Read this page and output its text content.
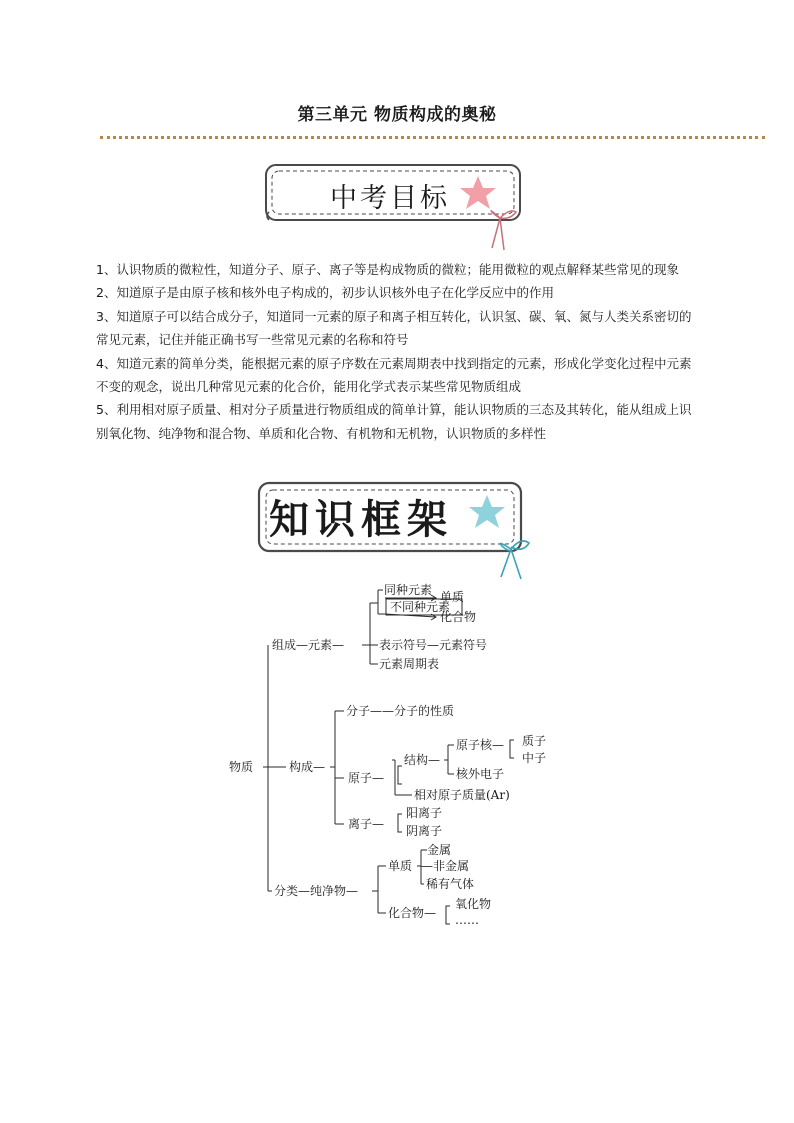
第三单元 物质构成的奥秘
中考目标

1、认识物质的微粒性，知道分子、原子、离子等是构成物质的微粒；能用微粒的观点解释某些常见的现象

2、知道原子是由原子核和核外电子构成的，初步认识核外电子在化学反应中的作用

3、知道原子可以结合成分子，知道同一元素的原子和离子相互转化，认识氢、碳、氧、氮与人类关系密切的常见元素，记住并能正确书写一些常见元素的名称和符号

4、知道元素的简单分类，能根据元素的原子序数在元素周期表中找到指定的元素，形成化学变化过程中元素不变的观念，说出几种常见元素的化合价，能用化学式表示某些常见物质组成

5、利用相对原子质量、相对分子质量进行物质组成的简单计算，能认识物质的三态及其转化，能从组成上识别氧化物、纯净物和混合物、单质和化合物、有机物和无机物，认识物质的多样性

知识框架
物质
组成—元素—
同种元素
不同种元素
单质
化合物
表示符号—元素符号
元素周期表
构成—
分子——分子的性质
原子—
结构—
原子核— 质子
中子
核外电子
相对原子质量(Ar)
离子—
阳离子
阴离子
分类—纯净物—
单质
金属
—非金属
稀有气体
化合物—
氧化物
……
